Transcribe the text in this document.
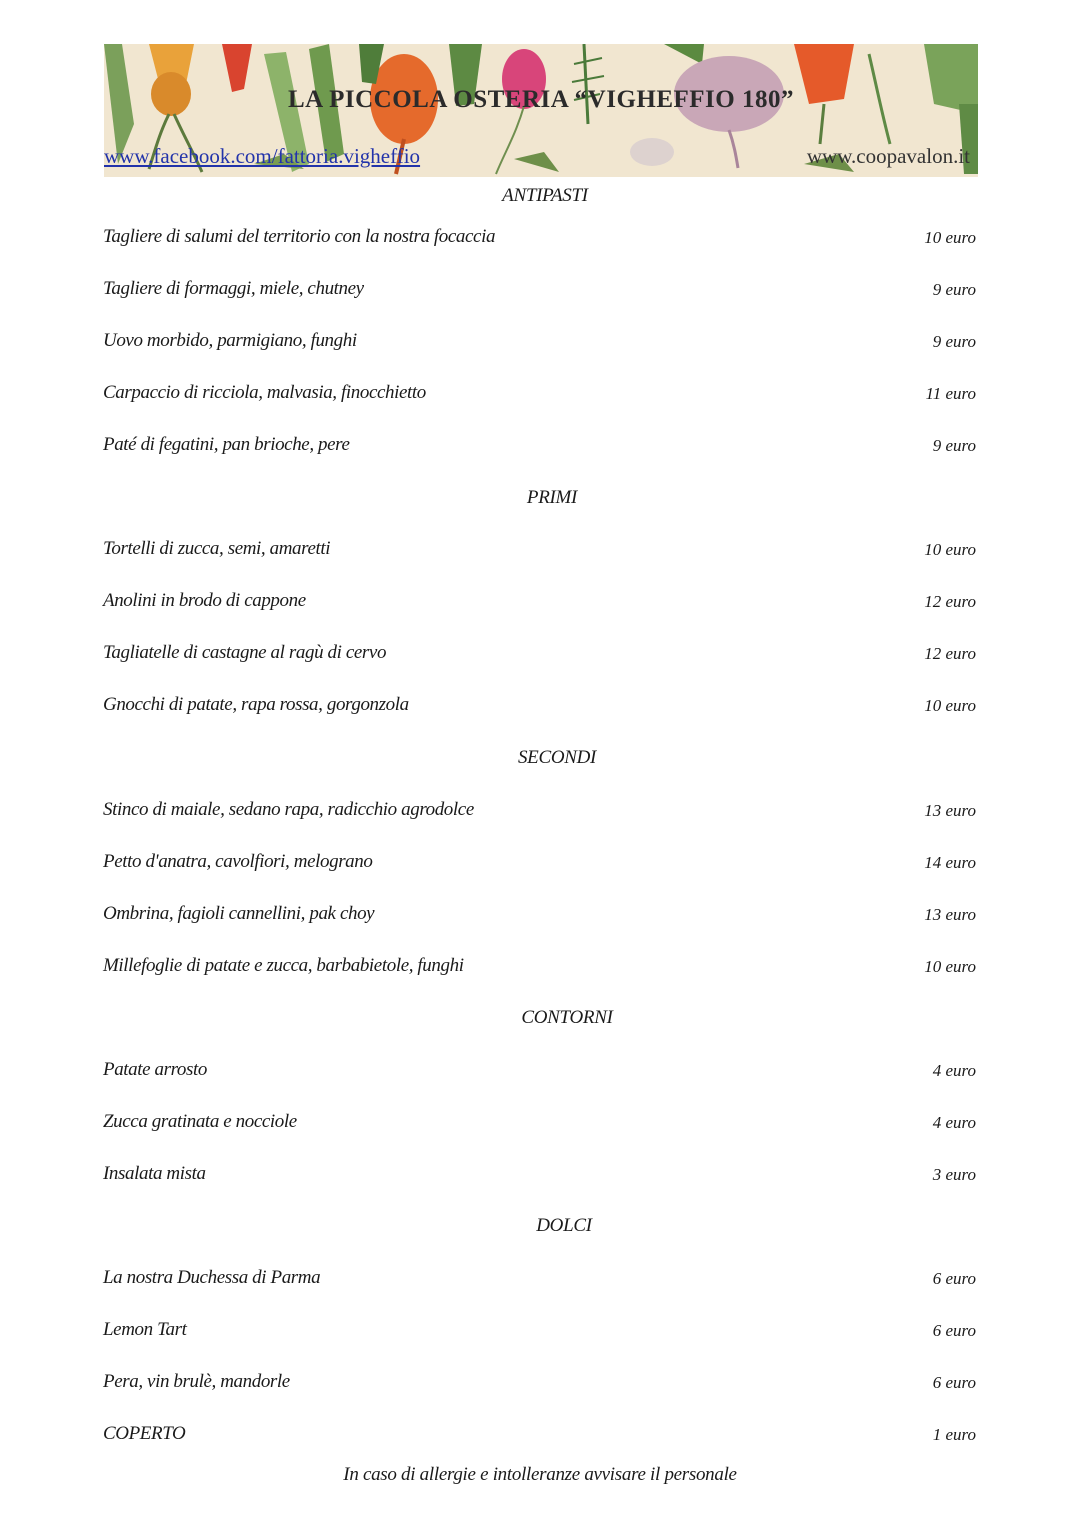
LA PICCOLA OSTERIA “VIGHEFFIO 180”
www.facebook.com/fattoria.vigheffio	www.coopavalon.it
ANTIPASTI
Tagliere di salumi del territorio con la nostra focaccia	10 euro
Tagliere di formaggi, miele, chutney	9 euro
Uovo morbido, parmigiano, funghi	9 euro
Carpaccio di ricciola, malvasia, finocchietto	11 euro
Paté di fegatini, pan brioche, pere	9 euro
PRIMI
Tortelli di zucca, semi, amaretti	10 euro
Anolini in brodo di cappone	12 euro
Tagliatelle di castagne al ragù di cervo	12 euro
Gnocchi di patate, rapa rossa, gorgonzola	10 euro
SECONDI
Stinco di maiale, sedano rapa, radicchio agrodolce	13 euro
Petto d'anatra, cavolfiori, melograno	14 euro
Ombrina, fagioli cannellini, pak choy	13 euro
Millefoglie di patate e zucca, barbabietole, funghi	10 euro
CONTORNI
Patate arrosto	4 euro
Zucca gratinata e nocciole	4 euro
Insalata mista	3 euro
DOLCI
La nostra Duchessa di Parma	6 euro
Lemon Tart	6 euro
Pera, vin brulè, mandorle	6 euro
COPERTO	1 euro
In caso di allergie e intolleranze avvisare il personale
